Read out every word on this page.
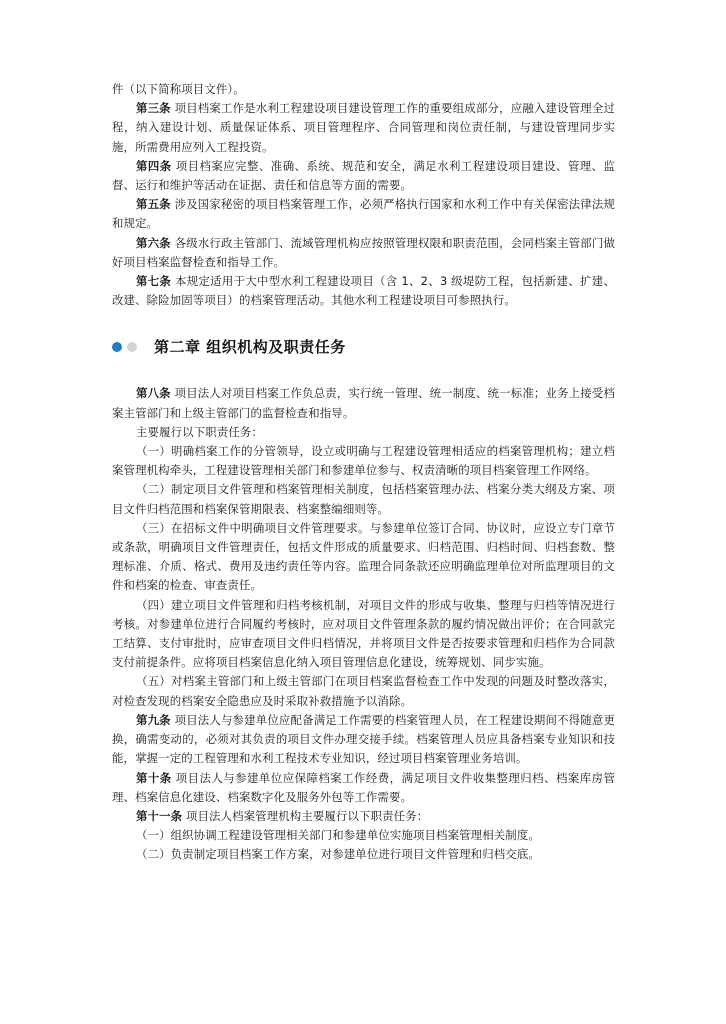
件（以下简称项目文件）。

第三条 项目档案工作是水利工程建设项目建设管理工作的重要组成部分，应融入建设管理全过程，纳入建设计划、质量保证体系、项目管理程序、合同管理和岗位责任制，与建设管理同步实施，所需费用应列入工程投资。

第四条 项目档案应完整、准确、系统、规范和安全，满足水利工程建设项目建设、管理、监督、运行和维护等活动在证据、责任和信息等方面的需要。

第五条 涉及国家秘密的项目档案管理工作，必须严格执行国家和水利工作中有关保密法律法规和规定。

第六条 各级水行政主管部门、流域管理机构应按照管理权限和职责范围，会同档案主管部门做好项目档案监督检查和指导工作。

第七条 本规定适用于大中型水利工程建设项目（含 1、2、3 级堤防工程，包括新建、扩建、改建、除险加固等项目）的档案管理活动。其他水利工程建设项目可参照执行。

第二章 组织机构及职责任务

第八条 项目法人对项目档案工作负总责，实行统一管理、统一制度、统一标准；业务上接受档案主管部门和上级主管部门的监督检查和指导。

主要履行以下职责任务：

（一）明确档案工作的分管领导，设立或明确与工程建设管理相适应的档案管理机构；建立档案管理机构牵头，工程建设管理相关部门和参建单位参与、权责清晰的项目档案管理工作网络。

（二）制定项目文件管理和档案管理相关制度，包括档案管理办法、档案分类大纲及方案、项目文件归档范围和档案保管期限表、档案整编细则等。

（三）在招标文件中明确项目文件管理要求。与参建单位签订合同、协议时，应设立专门章节或条款，明确项目文件管理责任，包括文件形成的质量要求、归档范围、归档时间、归档套数、整理标准、介质、格式、费用及违约责任等内容。监理合同条款还应明确监理单位对所监理项目的文件和档案的检查、审查责任。

（四）建立项目文件管理和归档考核机制，对项目文件的形成与收集、整理与归档等情况进行考核。对参建单位进行合同履约考核时，应对项目文件管理条款的履约情况做出评价；在合同款完工结算、支付审批时，应审查项目文件归档情况，并将项目文件是否按要求管理和归档作为合同款支付前提条件。应将项目档案信息化纳入项目管理信息化建设，统筹规划、同步实施。

（五）对档案主管部门和上级主管部门在项目档案监督检查工作中发现的问题及时整改落实，对检查发现的档案安全隐患应及时采取补救措施予以消除。

第九条 项目法人与参建单位应配备满足工作需要的档案管理人员，在工程建设期间不得随意更换，确需变动的，必须对其负责的项目文件办理交接手续。档案管理人员应具备档案专业知识和技能，掌握一定的工程管理和水利工程技术专业知识，经过项目档案管理业务培训。

第十条 项目法人与参建单位应保障档案工作经费，满足项目文件收集整理归档、档案库房管理、档案信息化建设、档案数字化及服务外包等工作需要。

第十一条 项目法人档案管理机构主要履行以下职责任务：

（一）组织协调工程建设管理相关部门和参建单位实施项目档案管理相关制度。

（二）负责制定项目档案工作方案，对参建单位进行项目文件管理和归档交底。
